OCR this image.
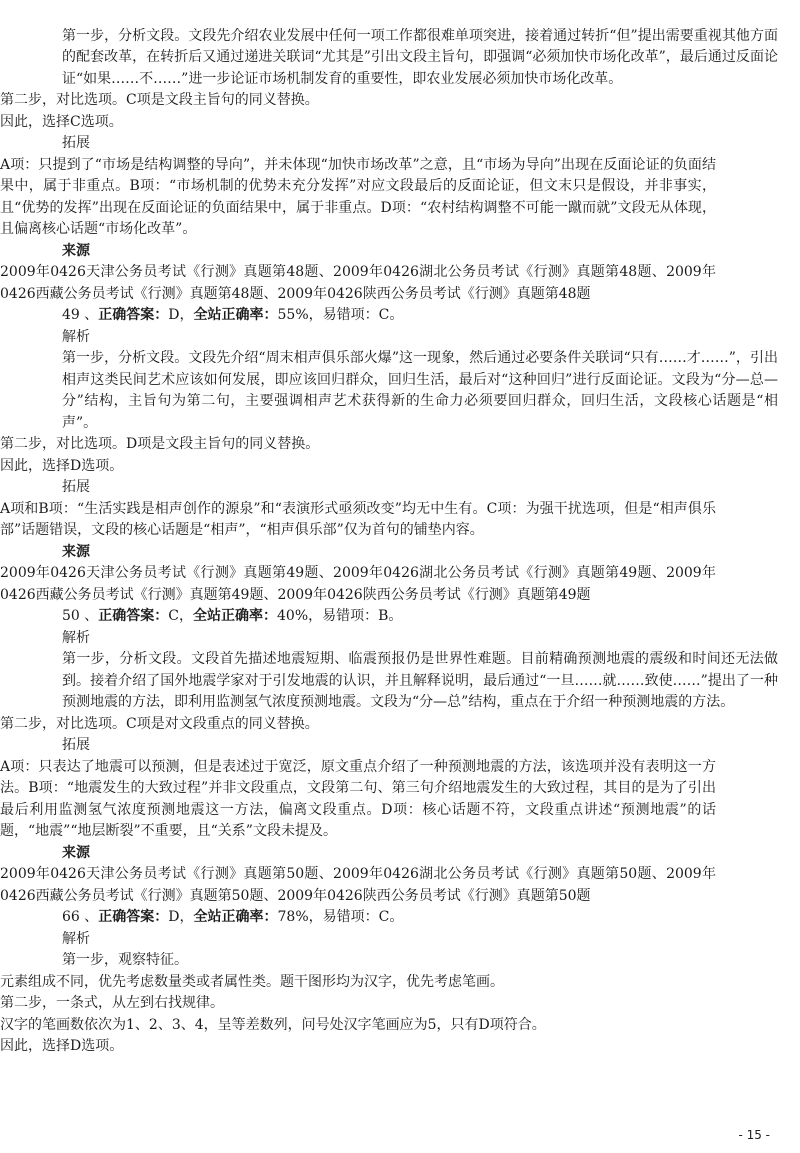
第一步，分析文段。文段先介绍农业发展中任何一项工作都很难单项突进，接着通过转折“但”提出需要重视其他方面的配套改革，在转折后又通过递进关联词“尤其是”引出文段主旨句，即强调“必须加快市场化改革”，最后通过反面论证“如果……不……”进一步论证市场机制发育的重要性，即农业发展必须加快市场化改革。
第二步，对比选项。C项是文段主旨句的同义替换。
因此，选择C选项。
拓展
A项：只提到了“市场是结构调整的导向”，并未体现“加快市场改革”之意，且“市场为导向”出现在反面论证的负面结果中，属于非重点。B项：“市场机制的优势未充分发挥”对应文段最后的反面论证，但文末只是假设，并非事实，且“优势的发挥”出现在反面论证的负面结果中，属于非重点。D项：“农村结构调整不可能一蹴而就”文段无从体现，且偏离核心话题“市场化改革”。
来源
2009年0426天津公务员考试《行测》真题第48题、2009年0426湖北公务员考试《行测》真题第48题、2009年0426西藏公务员考试《行测》真题第48题、2009年0426陕西公务员考试《行测》真题第48题
49 、正确答案：D，全站正确率：55%，易错项：C。
解析
第一步，分析文段。文段先介绍“周末相声俱乐部火爆”这一现象，然后通过必要条件关联词“只有……才……”，引出相声这类民间艺术应该如何发展，即应该回归群众，回归生活，最后对“这种回归”进行反面论证。文段为“分—总—分”结构，主旨句为第二句，主要强调相声艺术获得新的生命力必须要回归群众，回归生活，文段核心话题是“相声”。
第二步，对比选项。D项是文段主旨句的同义替换。
因此，选择D选项。
拓展
A项和B项：“生活实践是相声创作的源泉”和“表演形式亟须改变”均无中生有。C项：为强干扰选项，但是“相声俱乐部”话题错误，文段的核心话题是“相声”，“相声俱乐部”仅为首句的铺垫内容。
来源
2009年0426天津公务员考试《行测》真题第49题、2009年0426湖北公务员考试《行测》真题第49题、2009年0426西藏公务员考试《行测》真题第49题、2009年0426陕西公务员考试《行测》真题第49题
50 、正确答案：C，全站正确率：40%，易错项：B。
解析
第一步，分析文段。文段首先描述地震短期、临震预报仍是世界性难题。目前精确预测地震的震级和时间还无法做到。接着介绍了国外地震学家对于引发地震的认识，并且解释说明，最后通过“一旦……就……致使……”提出了一种预测地震的方法，即利用监测氢气浓度预测地震。文段为“分—总”结构，重点在于介绍一种预测地震的方法。
第二步，对比选项。C项是对文段重点的同义替换。
拓展
A项：只表达了地震可以预测，但是表述过于宽泛，原文重点介绍了一种预测地震的方法，该选项并没有表明这一方法。B项：“地震发生的大致过程”并非文段重点，文段第二句、第三句介绍地震发生的大致过程，其目的是为了引出最后利用监测氢气浓度预测地震这一方法，偏离文段重点。D项：核心话题不符，文段重点讲述“预测地震”的话题，“地震”“地层断裂”不重要，且“关系”文段未提及。
来源
2009年0426天津公务员考试《行测》真题第50题、2009年0426湖北公务员考试《行测》真题第50题、2009年0426西藏公务员考试《行测》真题第50题、2009年0426陕西公务员考试《行测》真题第50题
66 、正确答案：D，全站正确率：78%，易错项：C。
解析
第一步，观察特征。
元素组成不同，优先考虑数量类或者属性类。题干图形均为汉字，优先考虑笔画。
第二步，一条式，从左到右找规律。
汉字的笔画数依次为1、2、3、4，呈等差数列，问号处汉字笔画应为5，只有D项符合。
因此，选择D选项。
- 15 -
